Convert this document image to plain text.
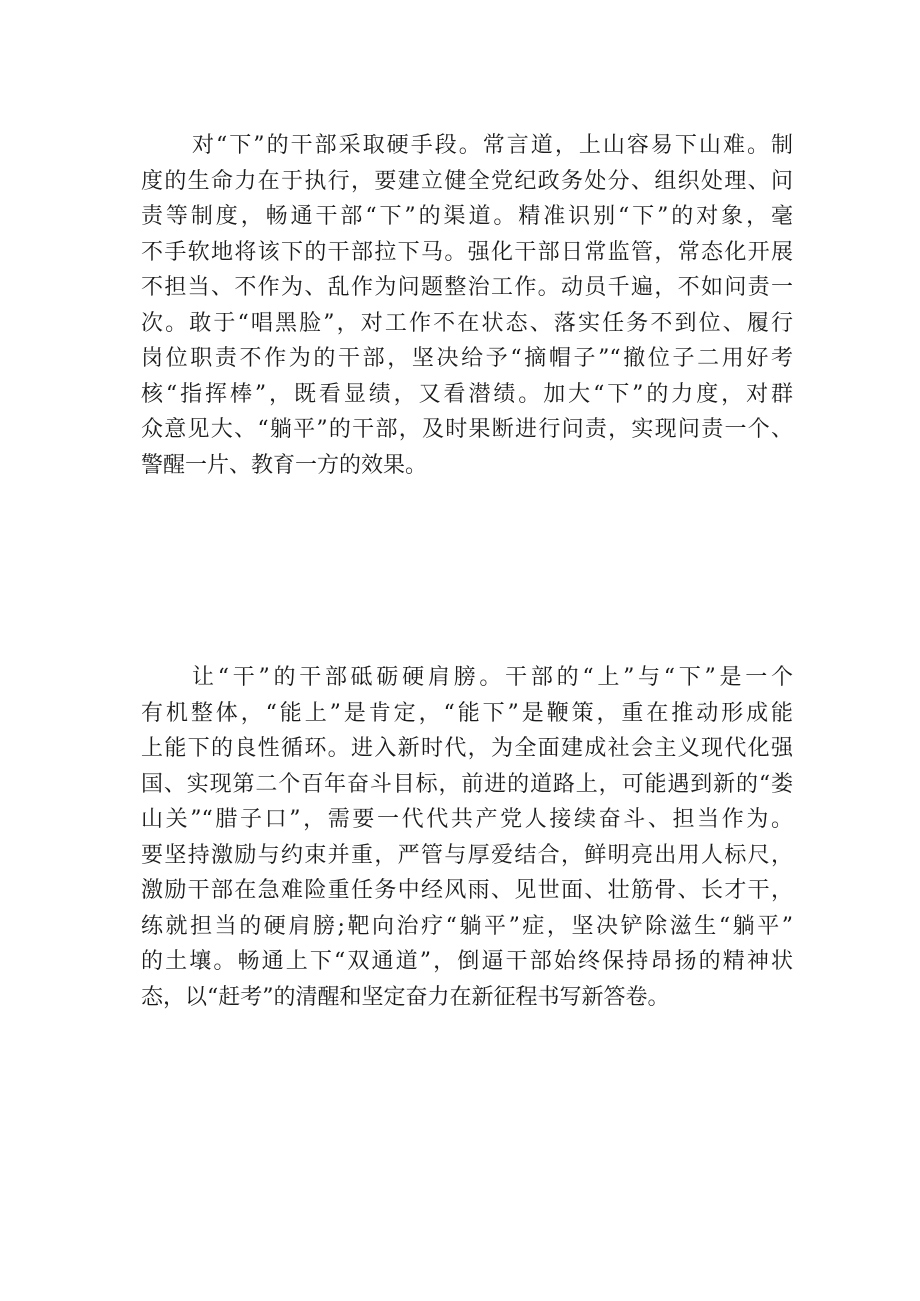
对“下”的干部采取硬手段。常言道，上山容易下山难。制
度的生命力在于执行，要建立健全党纪政务处分、组织处理、问
责等制度，畅通干部“下”的渠道。精准识别“下”的对象，毫
不手软地将该下的干部拉下马。强化干部日常监管，常态化开展
不担当、不作为、乱作为问题整治工作。动员千遍，不如问责一
次。敢于“唱黑脸”，对工作不在状态、落实任务不到位、履行
岗位职责不作为的干部，坚决给予“摘帽子”“撤位子二用好考
核“指挥棒”，既看显绩，又看潜绩。加大“下”的力度，对群
众意见大、“躺平”的干部，及时果断进行问责，实现问责一个、
警醒一片、教育一方的效果。
让“干”的干部砥砺硬肩膀。干部的“上”与“下”是一个
有机整体，“能上”是肯定，“能下”是鞭策，重在推动形成能
上能下的良性循环。进入新时代，为全面建成社会主义现代化强
国、实现第二个百年奋斗目标，前进的道路上，可能遇到新的“娄
山关”“腊子口”，需要一代代共产党人接续奋斗、担当作为。
要坚持激励与约束并重，严管与厚爱结合，鲜明亮出用人标尺，
激励干部在急难险重任务中经风雨、见世面、壮筋骨、长才干，
练就担当的硬肩膀;靶向治疗“躺平”症，坚决铲除滋生“躺平”
的土壤。畅通上下“双通道”，倒逼干部始终保持昂扬的精神状
态，以“赶考”的清醒和坚定奋力在新征程书写新答卷。
